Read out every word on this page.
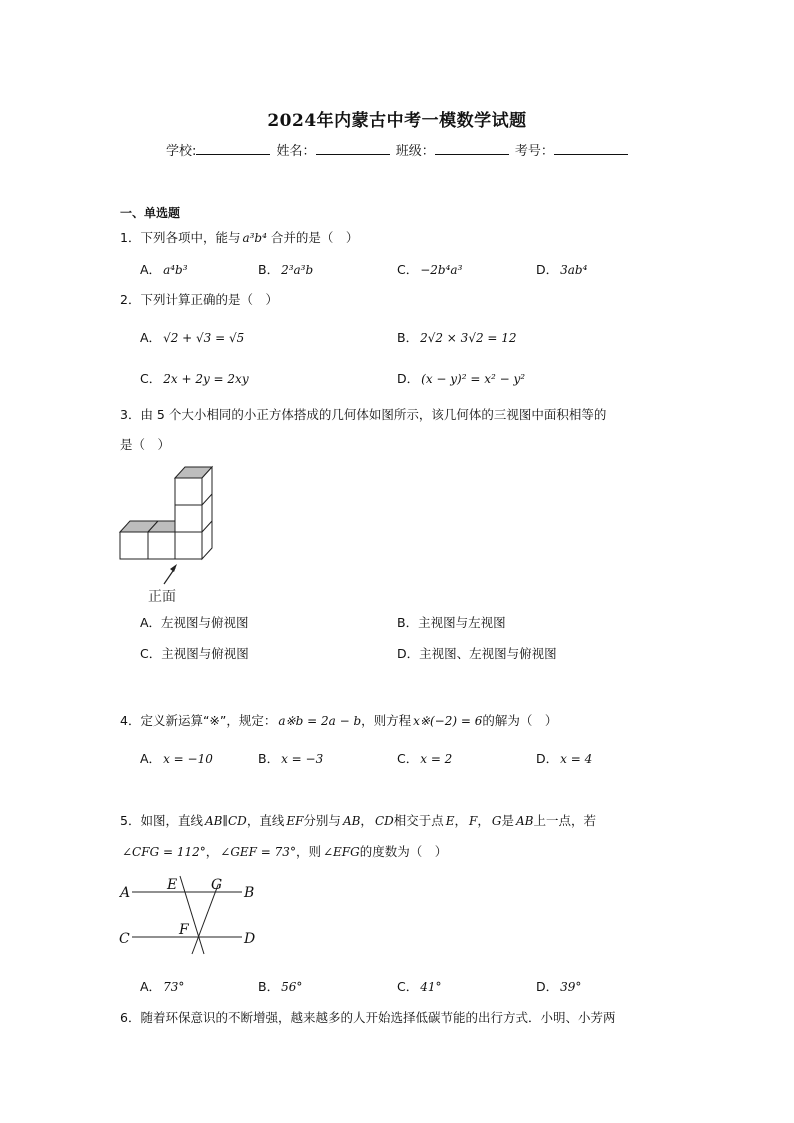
2024年内蒙古中考一模数学试题
学校:	姓名：	班级：	考号：
一、单选题
1．下列各项中，能与 a³b⁴ 合并的是（　）
A． a⁴b³	B． 2³a³b	C． −2b⁴a³	D． 3ab⁴
2．下列计算正确的是（　）
A． √2 + √3 = √5	B． 2√2 × 3√2 = 12
C． 2x + 2y = 2xy	D． (x − y)² = x² − y²
3．由 5 个大小相同的小正方体搭成的几何体如图所示，该几何体的三视图中面积相等的
是（　）
正面
A．左视图与俯视图	B．主视图与左视图
C．主视图与俯视图	D．主视图、左视图与俯视图
4．定义新运算“※”，规定： a※b = 2a − b，则方程 x※(−2) = 6的解为（　）
A． x = −10	B． x = −3	C． x = 2	D． x = 4
5．如图，直线 AB∥CD，直线 EF分别与 AB， CD相交于点 E， F， G是 AB上一点，若
∠CFG = 112°， ∠GEF = 73°，则 ∠EFG的度数为（　）
A	B
C	D
E
F
G
A． 73°	B． 56°	C． 41°	D． 39°
6．随着环保意识的不断增强，越来越多的人开始选择低碳节能的出行方式．小明、小芳两
